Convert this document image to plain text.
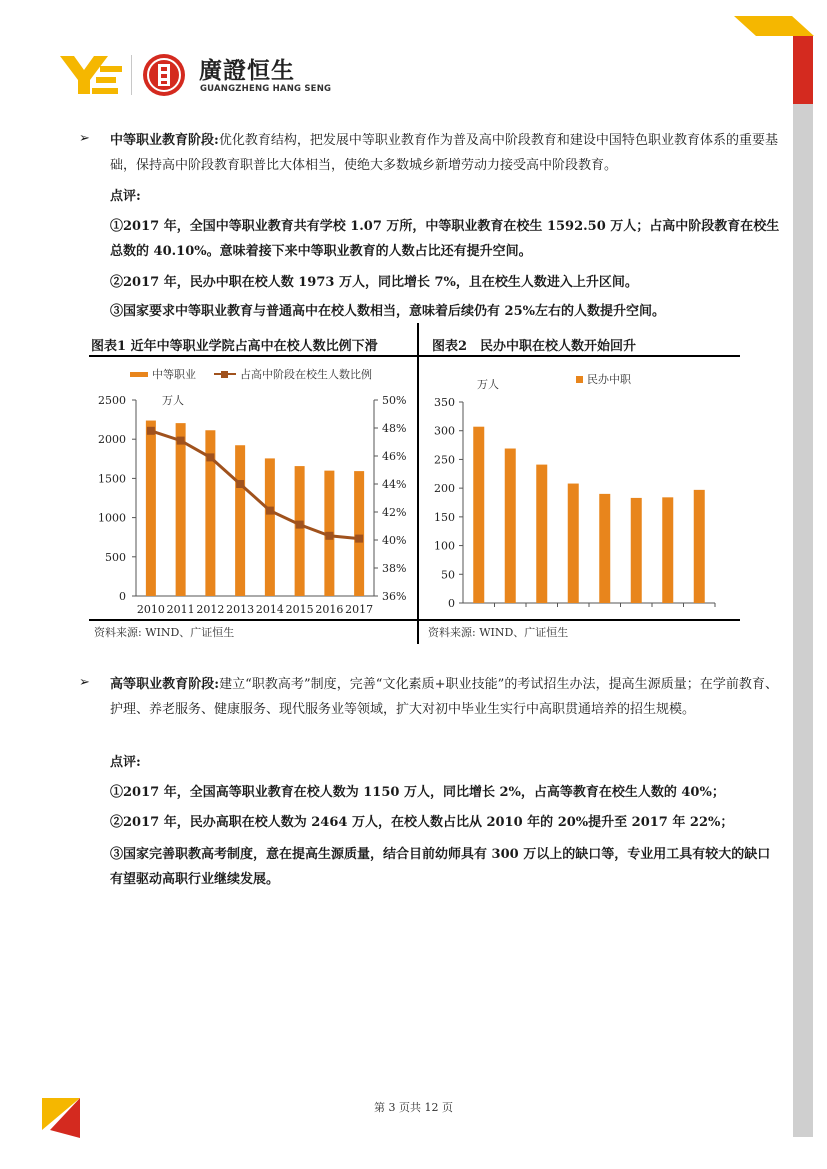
廣證恒生
GUANGZHENG HANG SENG
➢ 中等职业教育阶段:优化教育结构，把发展中等职业教育作为普及高中阶段教育和建设中国特色职业教育体系的重要基础，保持高中阶段教育职普比大体相当，使绝大多数城乡新增劳动力接受高中阶段教育。
点评:
①2017 年，全国中等职业教育共有学校 1.07 万所，中等职业教育在校生 1592.50 万人；占高中阶段教育在校生总数的 40.10%。意味着接下来中等职业教育的人数占比还有提升空间。
②2017 年，民办中职在校人数 1973 万人，同比增长 7%，且在校生人数进入上升区间。
③国家要求中等职业教育与普通高中在校人数相当，意味着后续仍有 25%左右的人数提升空间。
图表1 近年中等职业学院占高中在校人数比例下滑	图表2　民办中职在校人数开始回升
中等职业	占高中阶段在校生人数比例
万人
0
500
1000
1500
2000
2500
36%
38%
40%
42%
44%
46%
48%
50%
2010 2011 2012 2013 2014 2015 2016 2017
民办中职
万人
0
50
100
150
200
250
300
350
资料来源: WIND、广证恒生	资料来源: WIND、广证恒生
➢ 高等职业教育阶段:建立“职教高考”制度，完善“文化素质+职业技能”的考试招生办法，提高生源质量；在学前教育、护理、养老服务、健康服务、现代服务业等领域，扩大对初中毕业生实行中高职贯通培养的招生规模。
点评:
①2017 年，全国高等职业教育在校人数为 1150 万人，同比增长 2%，占高等教育在校生人数的 40%；
②2017 年，民办高职在校人数为 2464 万人，在校人数占比从 2010 年的 20%提升至 2017 年 22%；
③国家完善职教高考制度，意在提高生源质量，结合目前幼师具有 300 万以上的缺口等，专业用工具有较大的缺口有望驱动高职行业继续发展。
第 3 页共 12 页
